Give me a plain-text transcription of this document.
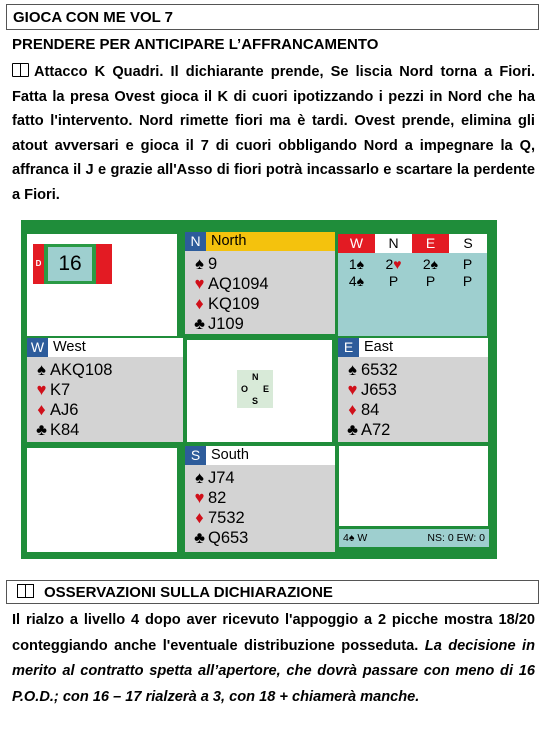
GIOCA CON ME VOL 7
PRENDERE PER ANTICIPARE L’AFFRANCAMENTO
Attacco K Quadri. Il dichiarante prende, Se liscia Nord torna a Fiori. Fatta la presa Ovest gioca il K di cuori ipotizzando i pezzi in Nord che ha fatto l'intervento. Nord rimette fiori ma è tardi. Ovest prende, elimina gli atout avversari e gioca il 7 di cuori obbligando Nord a impegnare la Q, affranca il J e grazie all'Asso di fiori potrà incassarlo e scartare la perdente a Fiori.
D 16
N North
♠ 9
♥ AQ1094
♦ KQ109
♣ J109
W	N	E	S
1♠	2♥	2♠	P
4♠	P	P	P
W West
♠ AKQ108
♥ K7
♦ AJ6
♣ K84
N
O E
S
E East
♠ 6532
♥ J653
♦ 84
♣ A72
S South
♠ J74
♥ 82
♦ 7532
♣ Q653	4♠ W	NS: 0 EW: 0
OSSERVAZIONI SULLA DICHIARAZIONE
Il rialzo a livello 4 dopo aver ricevuto l'appoggio a 2 picche mostra 18/20 conteggiando anche l'eventuale distribuzione posseduta. La decisione in merito al contratto spetta all’apertore, che dovrà passare con meno di 16 P.O.D.; con 16 – 17 rialzerà a 3, con 18 + chiamerà manche.
